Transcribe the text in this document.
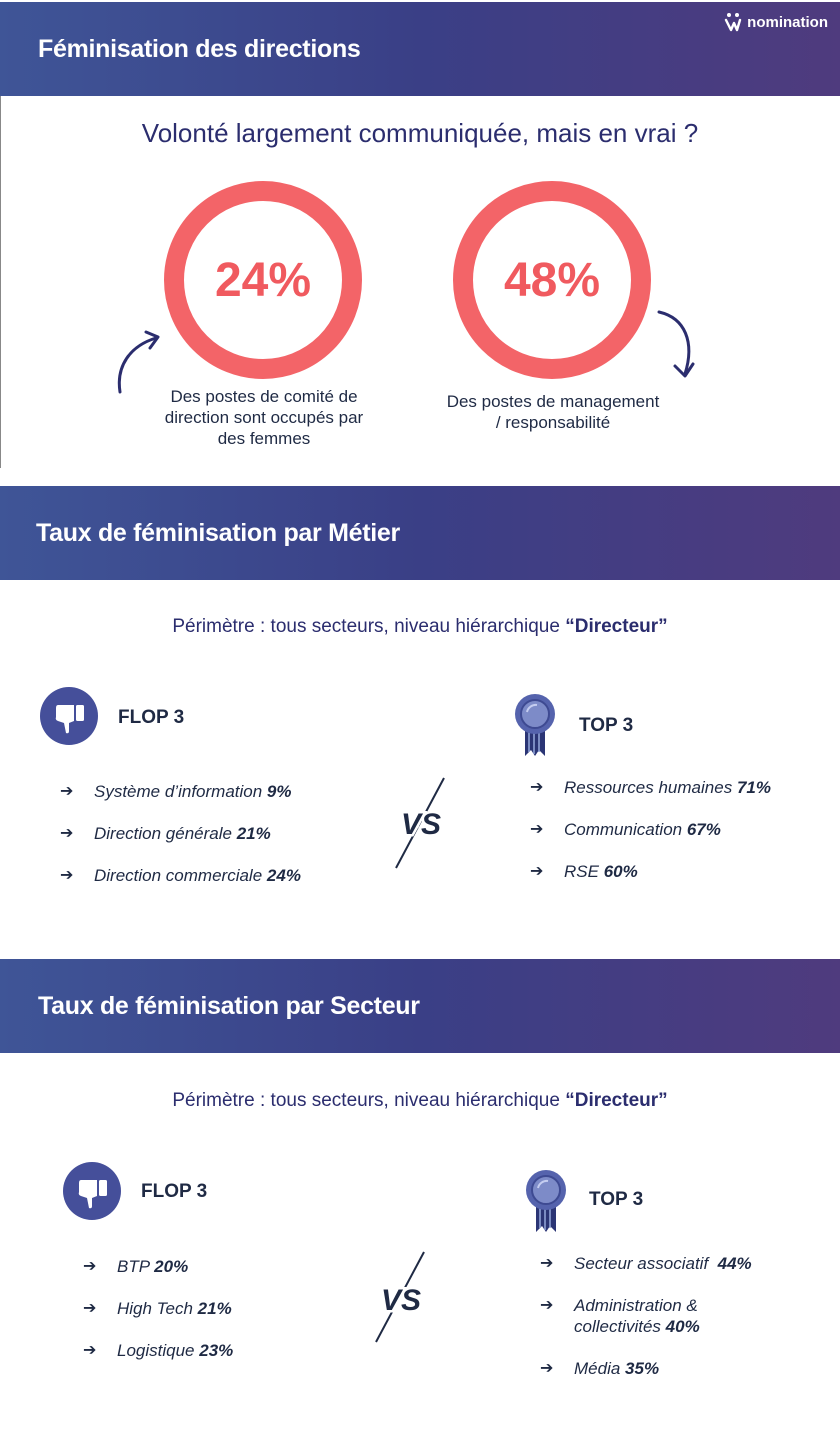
Féminisation des directions
nomination

Volonté largement communiquée, mais en vrai ?

24%	48%
Des postes de comité de
direction sont occupés par
des femmes
Des postes de management
/ responsabilité
Taux de féminisation par Métier
Périmètre : tous secteurs, niveau hiérarchique “Directeur”
FLOP 3	TOP 3
➔ Système d’information 9%
➔ Direction générale 21%
➔ Direction commerciale 24%
VS
➔ Ressources humaines 71%
➔ Communication 67%
➔ RSE 60%
Taux de féminisation par Secteur
Périmètre : tous secteurs, niveau hiérarchique “Directeur”
FLOP 3	TOP 3
➔ BTP 20%
➔ High Tech 21%
➔ Logistique 23%
VS
➔ Secteur associatif 44%
➔ Administration &
collectivités 40%
➔ Média 35%
